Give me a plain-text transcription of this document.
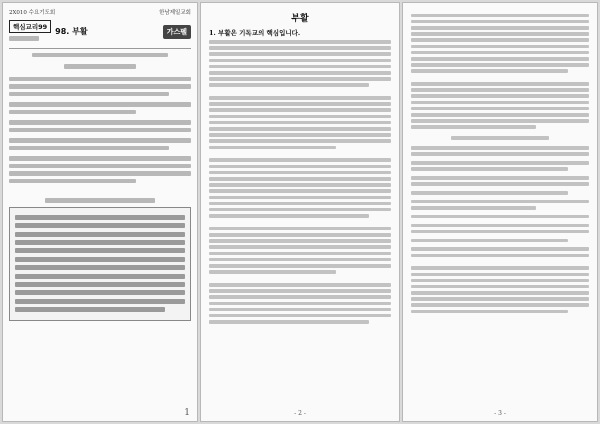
2X010 수요기도회	한남제일교회
핵심교리99
98. 부활	가스펠
1
부활
1. 부활은 기독교의 핵심입니다.
- 2 -	- 3 -
